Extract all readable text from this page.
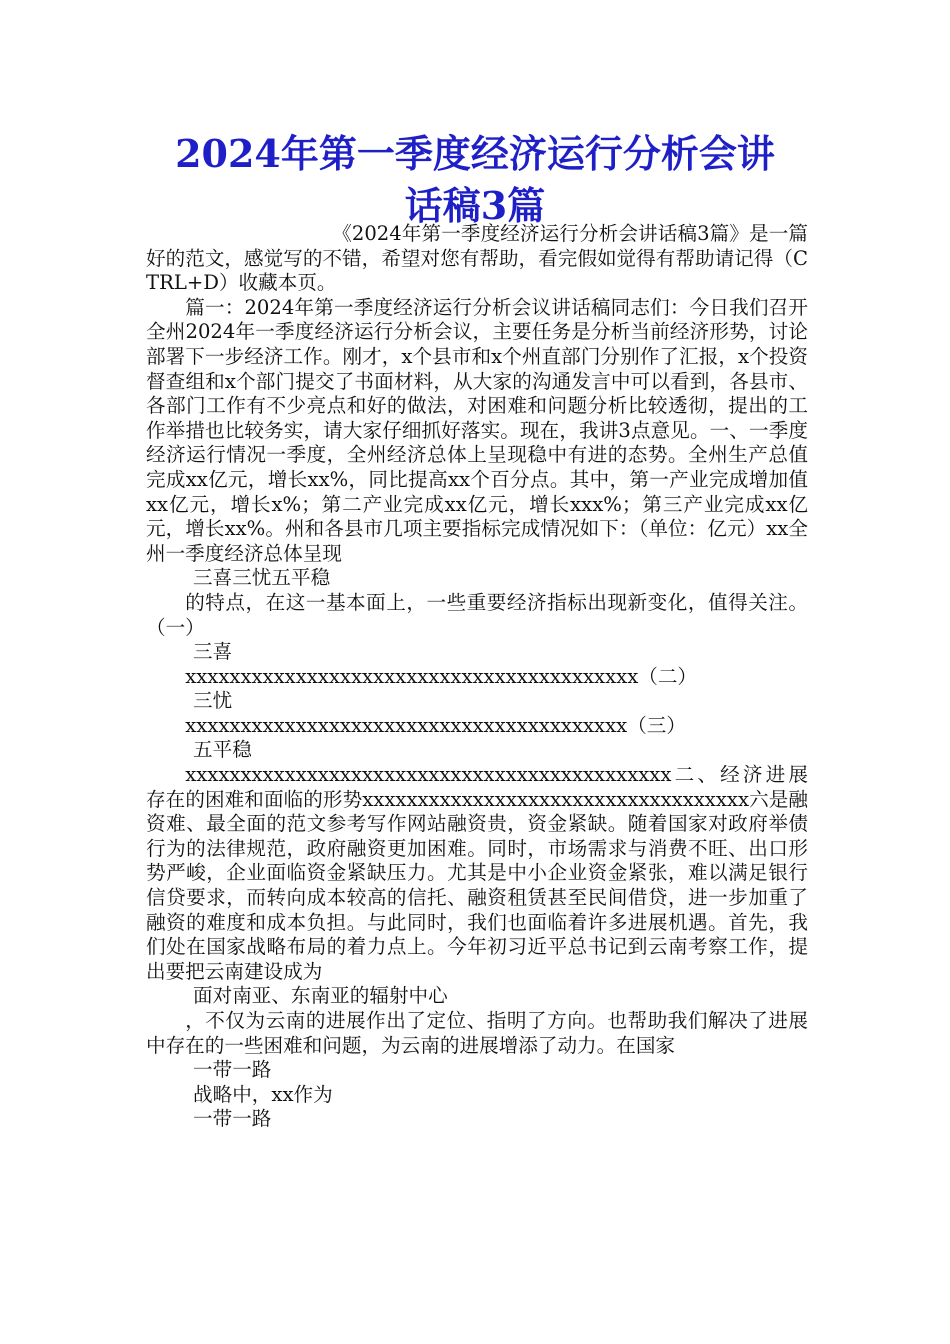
2024年第一季度经济运行分析会讲
话稿3篇

《2024年第一季度经济运行分析会讲话稿3篇》是一篇好的范文，感觉写的不错，希望对您有帮助，看完假如觉得有帮助请记得（CTRL+D）收藏本页。

篇一：2024年第一季度经济运行分析会议讲话稿同志们：今日我们召开全州2024年一季度经济运行分析会议，主要任务是分析当前经济形势，讨论部署下一步经济工作。刚才，x个县市和x个州直部门分别作了汇报，x个投资督查组和x个部门提交了书面材料，从大家的沟通发言中可以看到，各县市、各部门工作有不少亮点和好的做法，对困难和问题分析比较透彻，提出的工作举措也比较务实，请大家仔细抓好落实。现在，我讲3点意见。一、一季度经济运行情况一季度，全州经济总体上呈现稳中有进的态势。全州生产总值完成xx亿元，增长xx%，同比提高xx个百分点。其中，第一产业完成增加值xx亿元，增长x%；第二产业完成xx亿元，增长xxx%；第三产业完成xx亿元，增长xx%。州和各县市几项主要指标完成情况如下：（单位：亿元）xx全州一季度经济总体呈现

三喜三忧五平稳

的特点，在这一基本面上，一些重要经济指标出现新变化，值得关注。（一）

三喜

xxxxxxxxxxxxxxxxxxxxxxxxxxxxxxxxxxxxxxxxx（二）

三忧

xxxxxxxxxxxxxxxxxxxxxxxxxxxxxxxxxxxxxxxx（三）

五平稳

xxxxxxxxxxxxxxxxxxxxxxxxxxxxxxxxxxxxxxxxxxxx二、经济进展存在的困难和面临的形势xxxxxxxxxxxxxxxxxxxxxxxxxxxxxxxxxxx六是融资难、最全面的范文参考写作网站融资贵，资金紧缺。随着国家对政府举债行为的法律规范，政府融资更加困难。同时，市场需求与消费不旺、出口形势严峻，企业面临资金紧缺压力。尤其是中小企业资金紧张，难以满足银行信贷要求，而转向成本较高的信托、融资租赁甚至民间借贷，进一步加重了融资的难度和成本负担。与此同时，我们也面临着许多进展机遇。首先，我们处在国家战略布局的着力点上。今年初习近平总书记到云南考察工作，提出要把云南建设成为

面对南亚、东南亚的辐射中心

，不仅为云南的进展作出了定位、指明了方向。也帮助我们解决了进展中存在的一些困难和问题，为云南的进展增添了动力。在国家

一带一路

战略中，xx作为

一带一路
